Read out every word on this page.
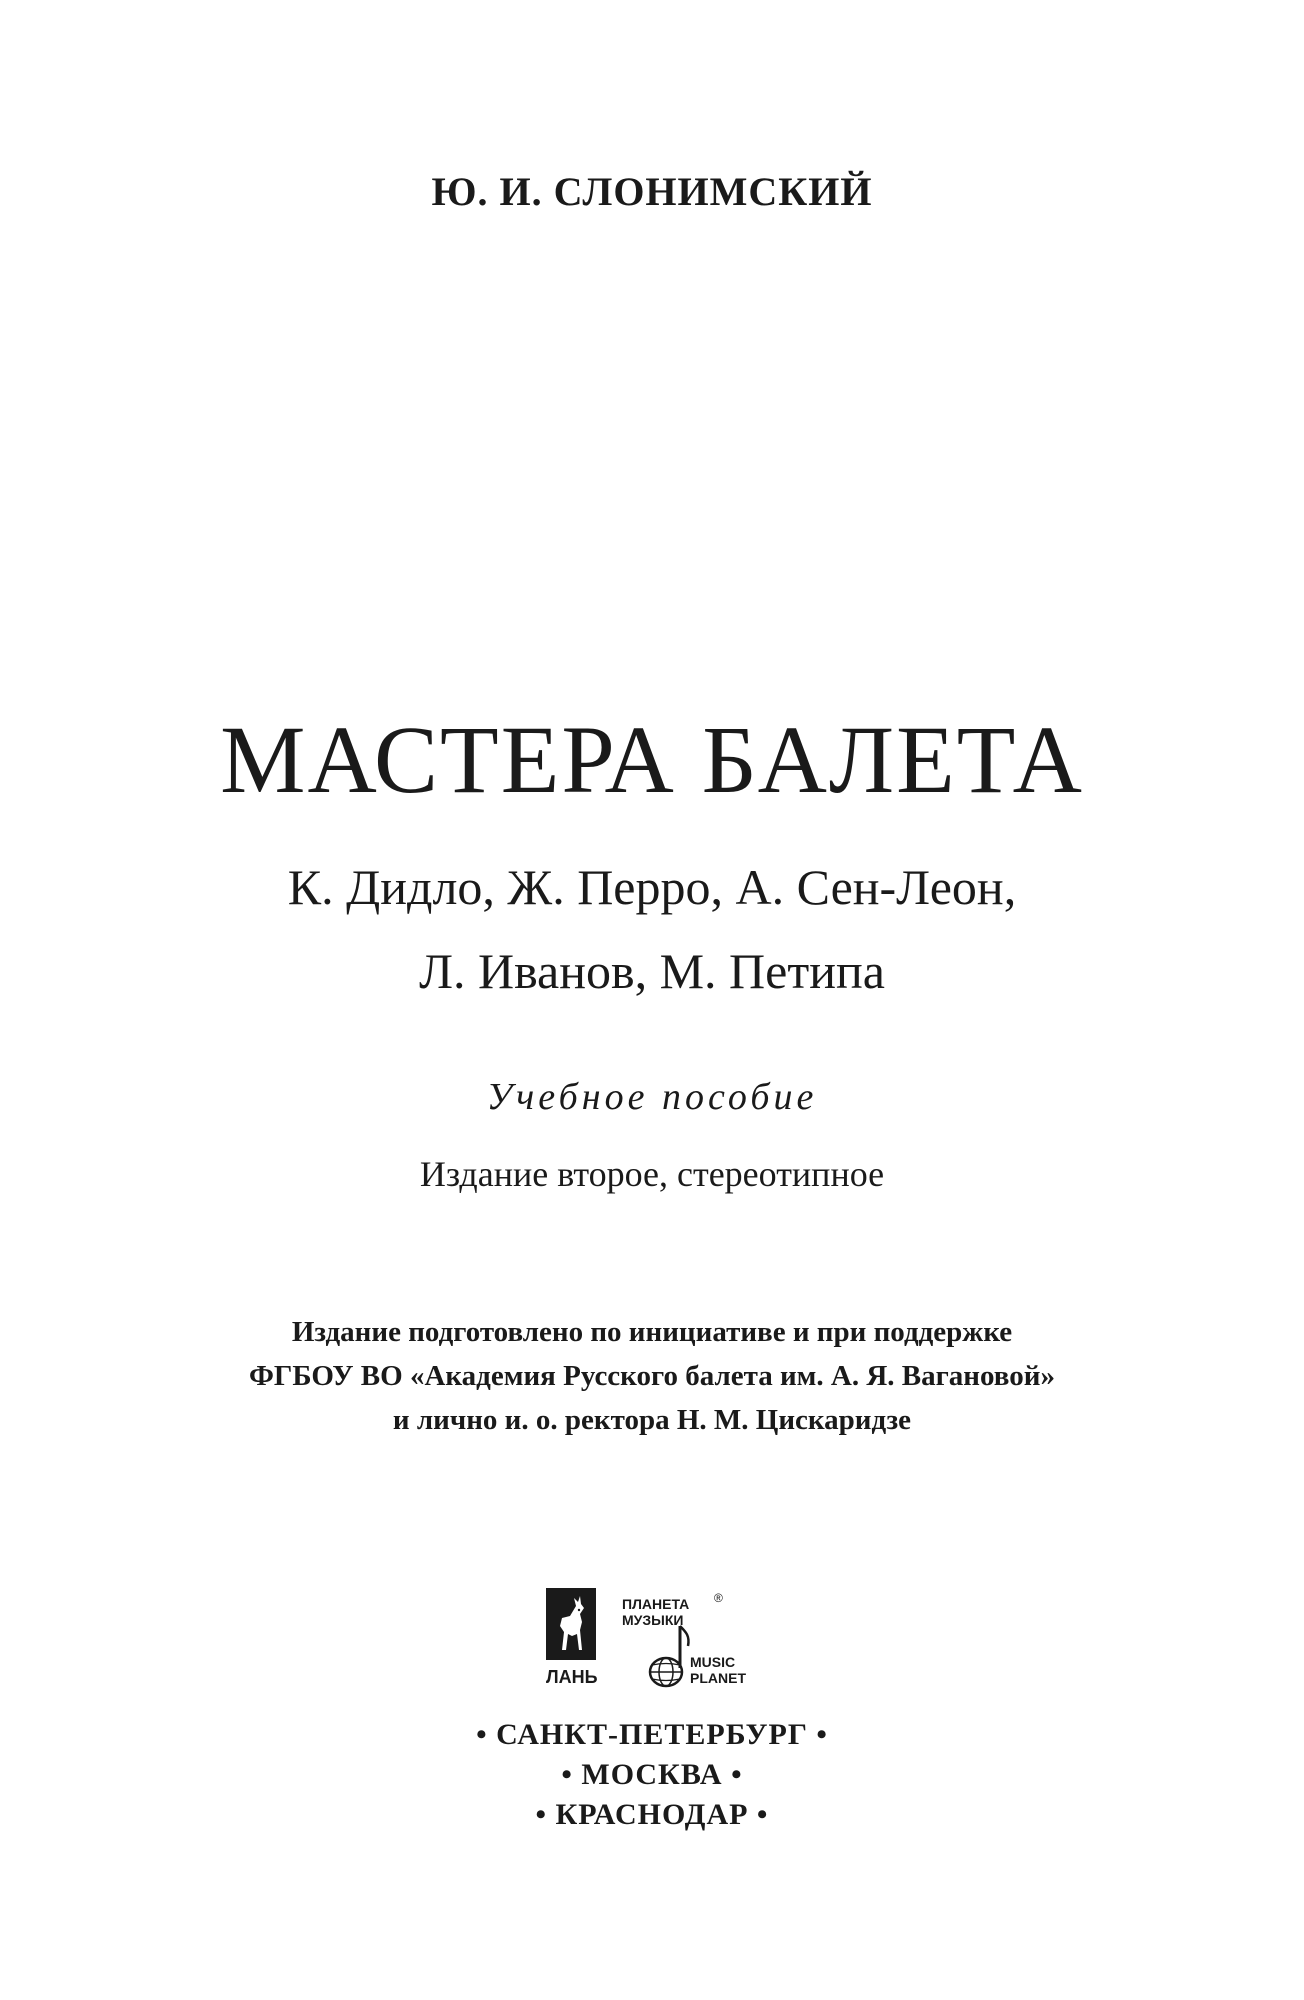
Ю. И. СЛОНИМСКИЙ
МАСТЕРА БАЛЕТА
К. Дидло, Ж. Перро, А. Сен-Леон,
Л. Иванов, М. Петипа
Учебное пособие
Издание второе, стереотипное
Издание подготовлено по инициативе и при поддержке
ФГБОУ ВО «Академия Русского балета им. А. Я. Вагановой»
и лично и. о. ректора Н. М. Цискаридзе
ЛАНЬ
ПЛАНЕТА
МУЗЫКИ
®
MUSIC
PLANET
• САНКТ-ПЕТЕРБУРГ •
• МОСКВА •
• КРАСНОДАР •
